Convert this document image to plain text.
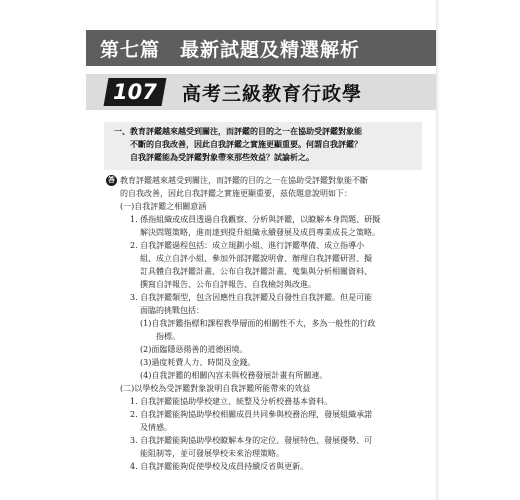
第七篇　最新試題及精選解析
107	高考三級教育行政學
一、教育評鑑越來越受到關注，而評鑑的目的之一在協助受評鑑對象能
　　不斷的自我改善，因此自我評鑑之實施更顯重要。何謂自我評鑑？
　　自我評鑑能為受評鑑對象帶來那些效益？試論析之。
答 教育評鑑越來越受到關注，而評鑑的目的之一在協助受評鑑對象能不斷
的自我改善，因此自我評鑑之實施更顯重要，茲依題意說明如下：
(一)自我評鑑之相關意涵
1. 係指組織或成員透過自我觀察、分析與評鑑，以瞭解本身問題、研擬
解決問題策略，進而達到提升組織永續發展及成員專業成長之策略。
2. 自我評鑑過程包括：成立規劃小組、進行評鑑準備、成立指導小
組、成立自評小組、參加外部評鑑說明會、辦理自我評鑑研習、擬
訂具體自我評鑑計畫、公布自我評鑑計畫、蒐集與分析相關資料、
撰寫自評報告、公布自評報告、自我檢討與改進。
3. 自我評鑑類型，包含因應性自我評鑑及自發性自我評鑑。但是可能
面臨的挑戰包括：
(1)自我評鑑指標和課程教學層面的相關性不大，多為一般性的行政
指標。
(2)面臨隱惡揚善的道德困境。
(3)過度耗費人力、時間及金錢。
(4)自我評鑑的相關內容未與校務發展計畫有所關連。
(二)以學校為受評鑑對象說明自我評鑑所能帶來的效益
1. 自我評鑑能協助學校建立、統整及分析校務基本資料。
2. 自我評鑑能夠協助學校相關成員共同參與校務治理，發展組織承諾
及情感。
3. 自我評鑑能夠協助學校瞭解本身的定位、發展特色、發展優勢、可
能阻制等，並可發展學校未來治理策略。
4. 自我評鑑能夠促使學校及成員持續反省與更新。
